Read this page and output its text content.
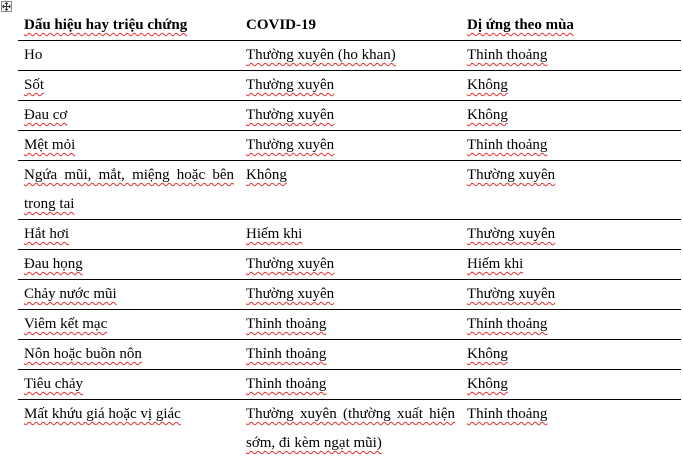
Dấu hiệu hay triệu chứng	COVID-19	Dị ứng theo mùa
Ho	Thường xuyên (ho khan)	Thỉnh thoảng
Sốt	Thường xuyên	Không
Đau cơ	Thường xuyên	Không
Mệt mỏi	Thường xuyên	Thỉnh thoảng
Ngứa mũi, mắt, miệng hoặc bên trong tai	Không	Thường xuyên
Hắt hơi	Hiếm khi	Thường xuyên
Đau họng	Thường xuyên	Hiếm khi
Chảy nước mũi	Thường xuyên	Thường xuyên
Viêm kết mạc	Thỉnh thoảng	Thỉnh thoảng
Nôn hoặc buồn nôn	Thỉnh thoảng	Không
Tiêu chảy	Thỉnh thoảng	Không
Mất khứu giá hoặc vị giác	Thường xuyên (thường xuất hiện sớm, đi kèm ngạt mũi)	Thỉnh thoảng
